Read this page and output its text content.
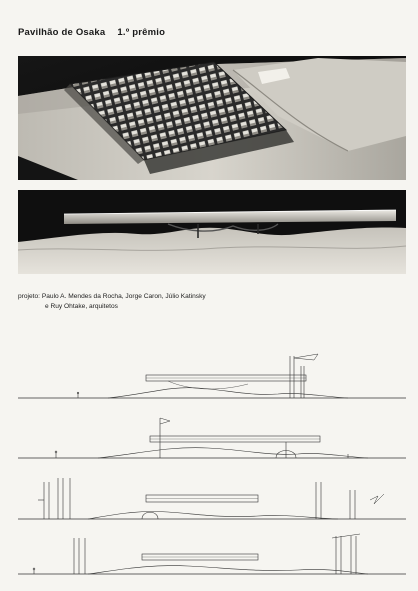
Pavilhão de Osaka 1.º prêmio
projeto: Paulo A. Mendes da Rocha, Jorge Caron, Júlio Katinsky
e Ruy Ohtake, arquitetos
